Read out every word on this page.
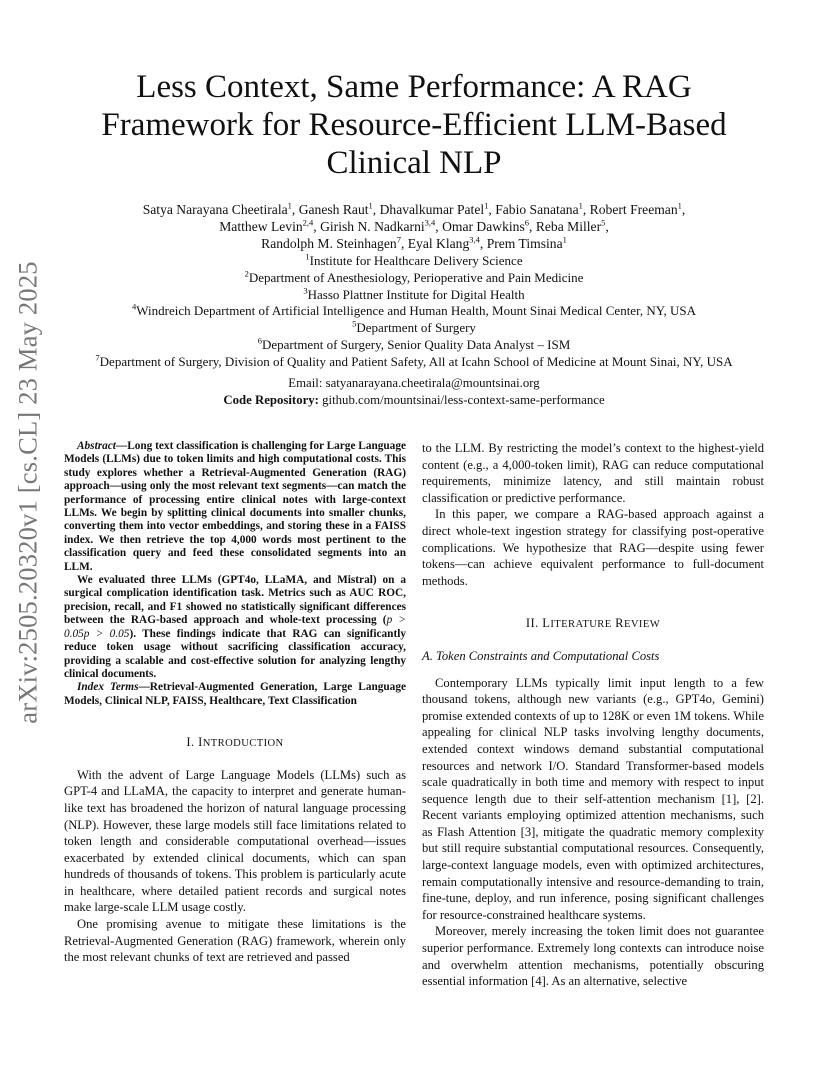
arXiv:2505.20320v1 [cs.CL] 23 May 2025
Less Context, Same Performance: A RAG
Framework for Resource-Efficient LLM-Based
Clinical NLP
Satya Narayana Cheetirala$^1$, Ganesh Raut$^1$, Dhavalkumar Patel$^1$, Fabio Sanatana$^1$, Robert Freeman$^1$,
Matthew Levin$^{2,4}$, Girish N. Nadkarni$^{3,4}$, Omar Dawkins$^6$, Reba Miller$^5$,
Randolph M. Steinhagen$^7$, Eyal Klang$^{3,4}$, Prem Timsina$^1$
$^1$Institute for Healthcare Delivery Science
$^2$Department of Anesthesiology, Perioperative and Pain Medicine
$^3$Hasso Plattner Institute for Digital Health
$^4$Windreich Department of Artificial Intelligence and Human Health, Mount Sinai Medical Center, NY, USA
$^5$Department of Surgery
$^6$Department of Surgery, Senior Quality Data Analyst – ISM
$^7$Department of Surgery, Division of Quality and Patient Safety, All at Icahn School of Medicine at Mount Sinai, NY, USA
Email: satyanarayana.cheetirala@mountsinai.org
Code Repository: github.com/mountsinai/less-context-same-performance

Abstract—Long text classification is challenging for Large Language Models (LLMs) due to token limits and high computational costs. This study explores whether a Retrieval-Augmented Generation (RAG) approach—using only the most relevant text segments—can match the performance of processing entire clinical notes with large-context LLMs. We begin by splitting clinical documents into smaller chunks, converting them into vector embeddings, and storing these in a FAISS index. We then retrieve the top 4,000 words most pertinent to the classification query and feed these consolidated segments into an LLM.

We evaluated three LLMs (GPT4o, LLaMA, and Mistral) on a surgical complication identification task. Metrics such as AUC ROC, precision, recall, and F1 showed no statistically significant differences between the RAG-based approach and whole-text processing (p > 0.05p > 0.05). These findings indicate that RAG can significantly reduce token usage without sacrificing classification accuracy, providing a scalable and cost-effective solution for analyzing lengthy clinical documents.

Index Terms—Retrieval-Augmented Generation, Large Language Models, Clinical NLP, FAISS, Healthcare, Text Classification

I. INTRODUCTION

With the advent of Large Language Models (LLMs) such as GPT-4 and LLaMA, the capacity to interpret and generate human-like text has broadened the horizon of natural language processing (NLP). However, these large models still face limitations related to token length and considerable computational overhead—issues exacerbated by extended clinical documents, which can span hundreds of thousands of tokens. This problem is particularly acute in healthcare, where detailed patient records and surgical notes make large-scale LLM usage costly.

One promising avenue to mitigate these limitations is the Retrieval-Augmented Generation (RAG) framework, wherein only the most relevant chunks of text are retrieved and passed

to the LLM. By restricting the model’s context to the highest-yield content (e.g., a 4,000-token limit), RAG can reduce computational requirements, minimize latency, and still maintain robust classification or predictive performance.

In this paper, we compare a RAG-based approach against a direct whole-text ingestion strategy for classifying post-operative complications. We hypothesize that RAG—despite using fewer tokens—can achieve equivalent performance to full-document methods.

II. LITERATURE REVIEW
A. Token Constraints and Computational Costs

Contemporary LLMs typically limit input length to a few thousand tokens, although new variants (e.g., GPT4o, Gemini) promise extended contexts of up to 128K or even 1M tokens. While appealing for clinical NLP tasks involving lengthy documents, extended context windows demand substantial computational resources and network I/O. Standard Transformer-based models scale quadratically in both time and memory with respect to input sequence length due to their self-attention mechanism [1], [2]. Recent variants employing optimized attention mechanisms, such as Flash Attention [3], mitigate the quadratic memory complexity but still require substantial computational resources. Consequently, large-context language models, even with optimized architectures, remain computationally intensive and resource-demanding to train, fine-tune, deploy, and run inference, posing significant challenges for resource-constrained healthcare systems.

Moreover, merely increasing the token limit does not guarantee superior performance. Extremely long contexts can introduce noise and overwhelm attention mechanisms, potentially obscuring essential information [4]. As an alternative, selective
